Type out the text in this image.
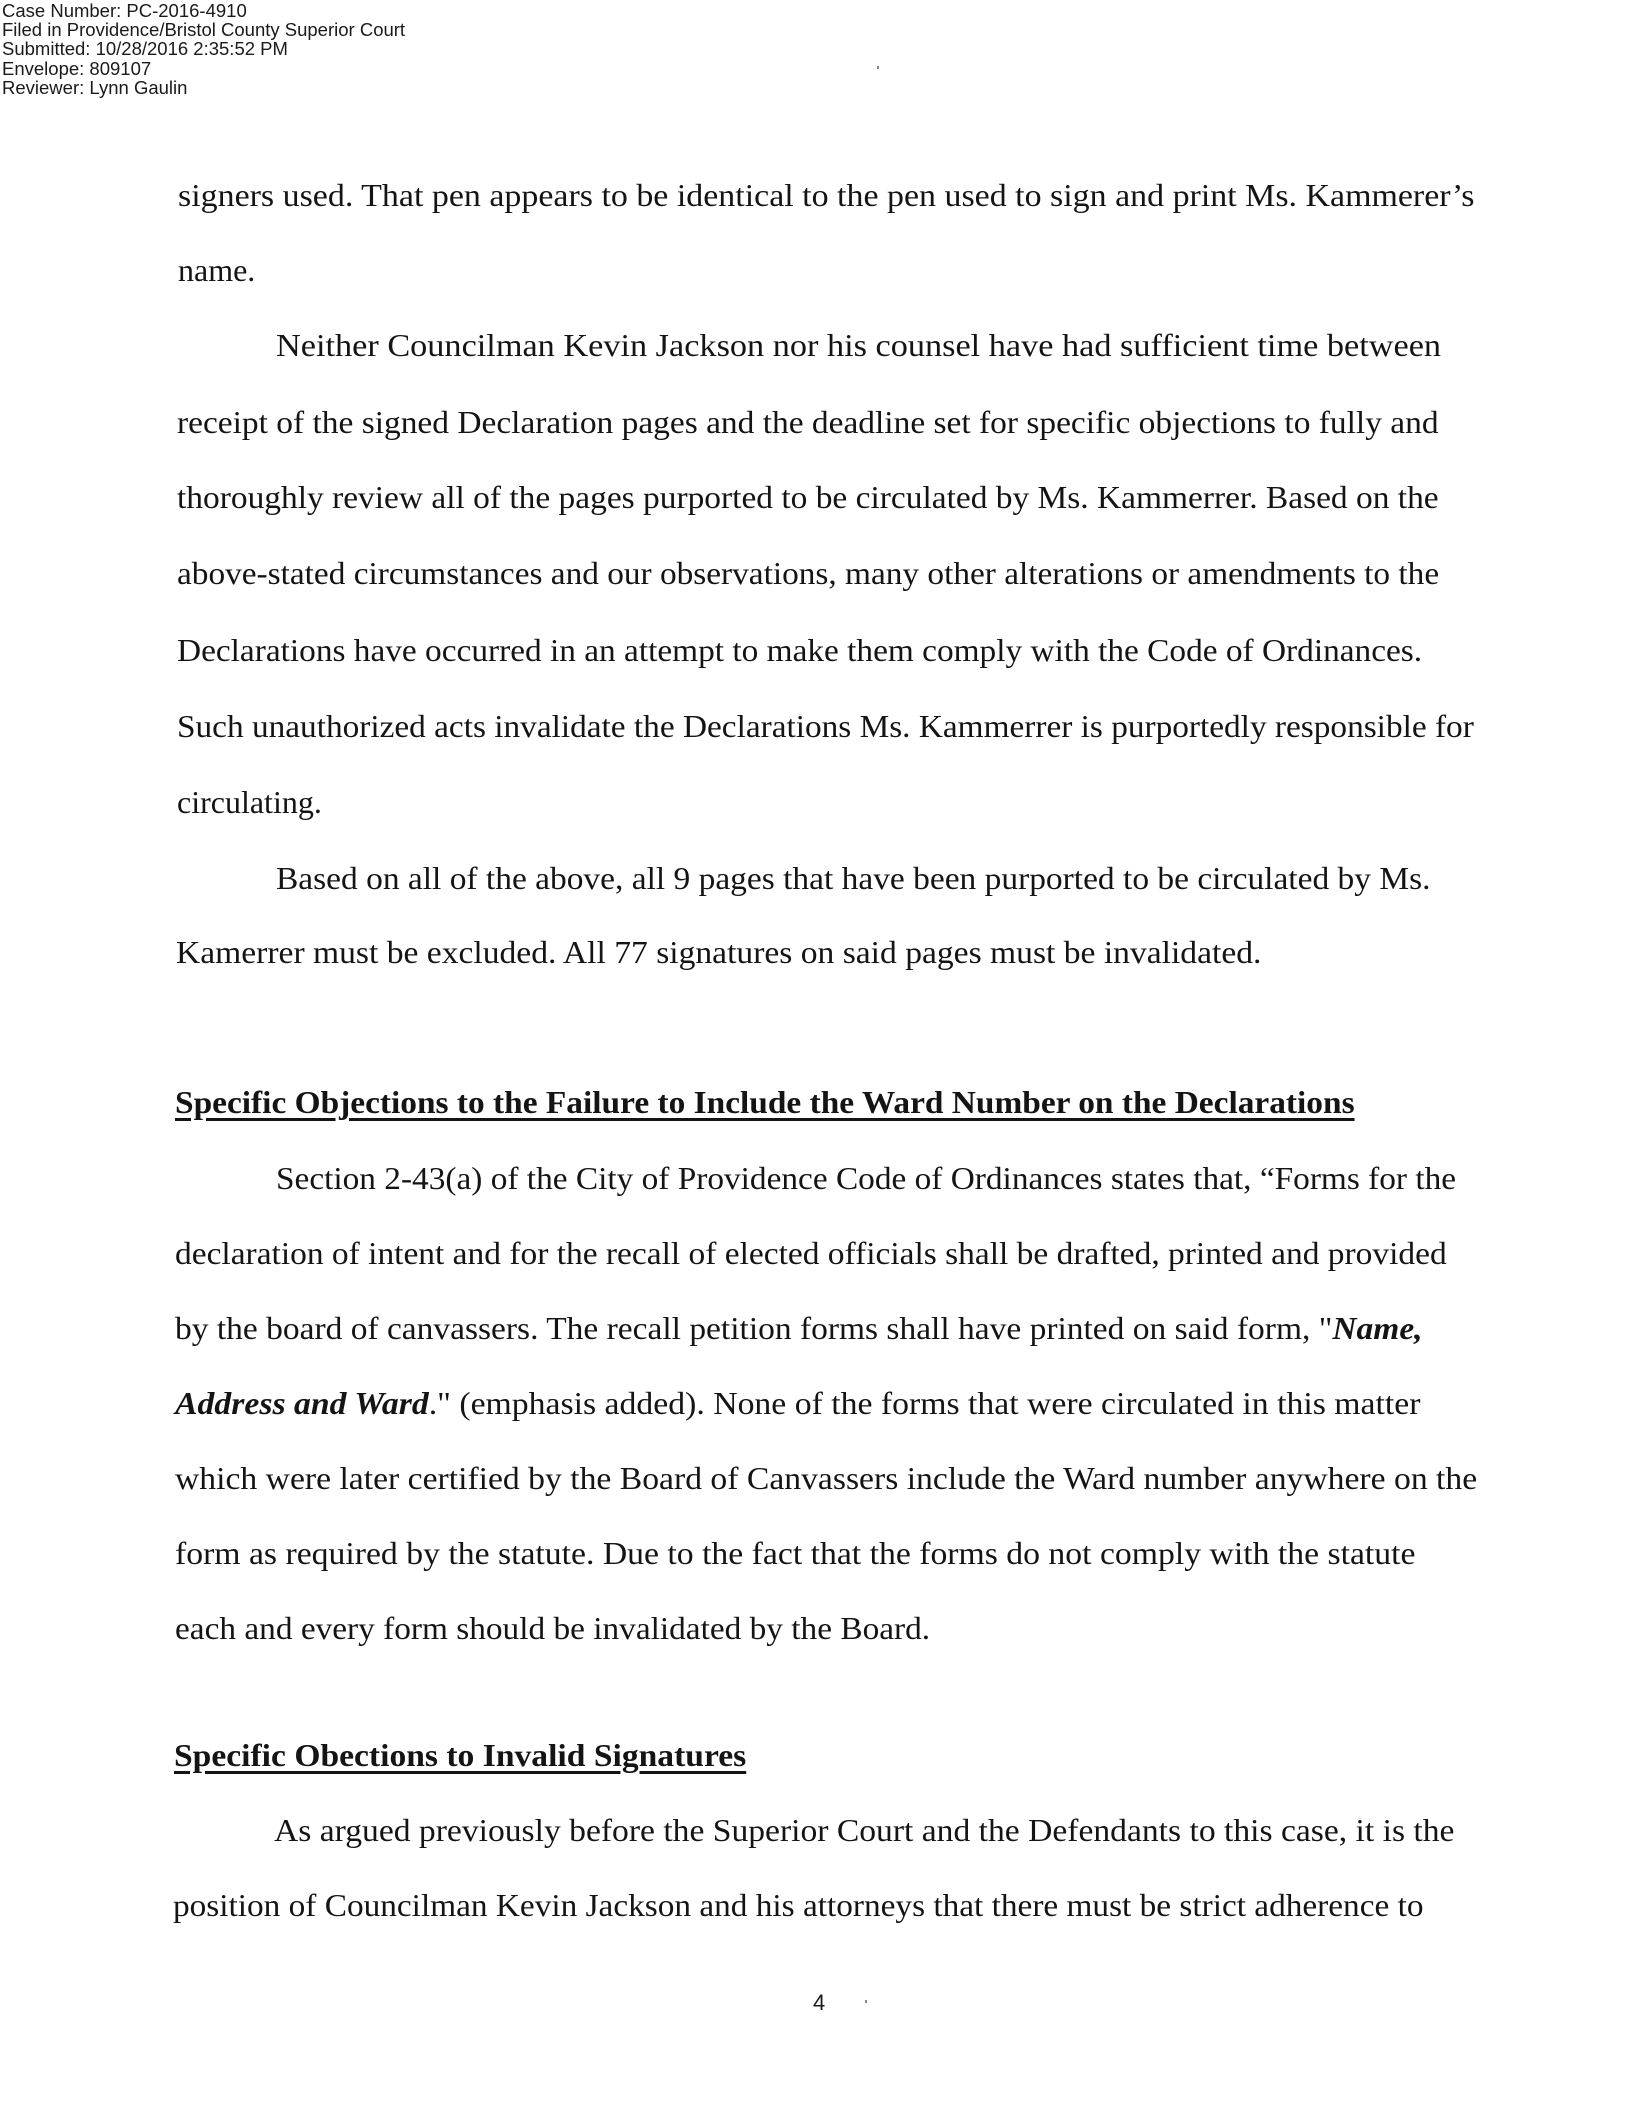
Case Number: PC-2016-4910
Filed in Providence/Bristol County Superior Court
Submitted: 10/28/2016 2:35:52 PM
Envelope: 809107
Reviewer: Lynn Gaulin
signers used. That pen appears to be identical to the pen used to sign and print Ms. Kammerer’s
name.
Neither Councilman Kevin Jackson nor his counsel have had sufficient time between
receipt of the signed Declaration pages and the deadline set for specific objections to fully and
thoroughly review all of the pages purported to be circulated by Ms. Kammerrer. Based on the
above-stated circumstances and our observations, many other alterations or amendments to the
Declarations have occurred in an attempt to make them comply with the Code of Ordinances.
Such unauthorized acts invalidate the Declarations Ms. Kammerrer is purportedly responsible for
circulating.
Based on all of the above, all 9 pages that have been purported to be circulated by Ms.
Kamerrer must be excluded. All 77 signatures on said pages must be invalidated.
Specific Objections to the Failure to Include the Ward Number on the Declarations
Section 2-43(a) of the City of Providence Code of Ordinances states that, “Forms for the
declaration of intent and for the recall of elected officials shall be drafted, printed and provided
by the board of canvassers. The recall petition forms shall have printed on said form, "Name,
Address and Ward." (emphasis added). None of the forms that were circulated in this matter
which were later certified by the Board of Canvassers include the Ward number anywhere on the
form as required by the statute. Due to the fact that the forms do not comply with the statute
each and every form should be invalidated by the Board.
Specific Obections to Invalid Signatures
As argued previously before the Superior Court and the Defendants to this case, it is the
position of Councilman Kevin Jackson and his attorneys that there must be strict adherence to
4
